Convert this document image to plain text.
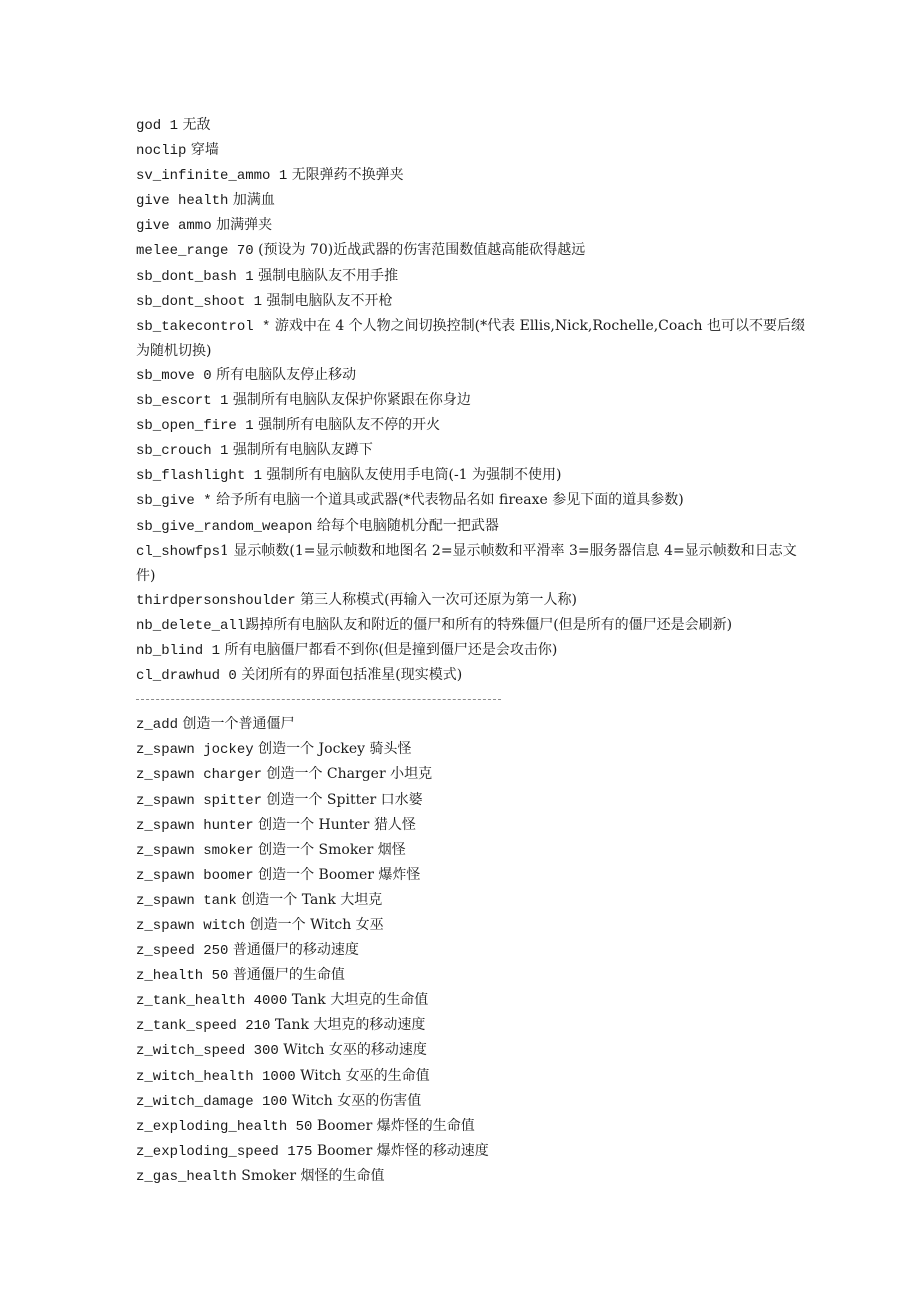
god 1 无敌
noclip 穿墙
sv_infinite_ammo 1 无限弹药不换弹夹
give health 加满血
give ammo 加满弹夹
melee_range 70 (预设为 70)近战武器的伤害范围数值越高能砍得越远
sb_dont_bash 1 强制电脑队友不用手推
sb_dont_shoot 1 强制电脑队友不开枪
sb_takecontrol * 游戏中在 4 个人物之间切换控制(*代表 Ellis,Nick,Rochelle,Coach 也可以不要后缀为随机切换)
sb_move 0 所有电脑队友停止移动
sb_escort 1 强制所有电脑队友保护你紧跟在你身边
sb_open_fire 1 强制所有电脑队友不停的开火
sb_crouch 1 强制所有电脑队友蹲下
sb_flashlight 1 强制所有电脑队友使用手电筒(-1 为强制不使用)
sb_give * 给予所有电脑一个道具或武器(*代表物品名如 fireaxe 参见下面的道具参数)
sb_give_random_weapon 给每个电脑随机分配一把武器
cl_showfps1 显示帧数(1=显示帧数和地图名 2=显示帧数和平滑率 3=服务器信息 4=显示帧数和日志文件)
thirdpersonshoulder 第三人称模式(再输入一次可还原为第一人称)
nb_delete_all踢掉所有电脑队友和附近的僵尸和所有的特殊僵尸(但是所有的僵尸还是会刷新)
nb_blind 1 所有电脑僵尸都看不到你(但是撞到僵尸还是会攻击你)
cl_drawhud 0 关闭所有的界面包括准星(现实模式)
z_add 创造一个普通僵尸
z_spawn jockey 创造一个 Jockey 骑头怪
z_spawn charger 创造一个 Charger 小坦克
z_spawn spitter 创造一个 Spitter 口水婆
z_spawn hunter 创造一个 Hunter 猎人怪
z_spawn smoker 创造一个 Smoker 烟怪
z_spawn boomer 创造一个 Boomer 爆炸怪
z_spawn tank 创造一个 Tank 大坦克
z_spawn witch 创造一个 Witch 女巫
z_speed 250 普通僵尸的移动速度
z_health 50 普通僵尸的生命值
z_tank_health 4000 Tank 大坦克的生命值
z_tank_speed 210 Tank 大坦克的移动速度
z_witch_speed 300 Witch 女巫的移动速度
z_witch_health 1000 Witch 女巫的生命值
z_witch_damage 100 Witch 女巫的伤害值
z_exploding_health 50 Boomer 爆炸怪的生命值
z_exploding_speed 175 Boomer 爆炸怪的移动速度
z_gas_health Smoker 烟怪的生命值
